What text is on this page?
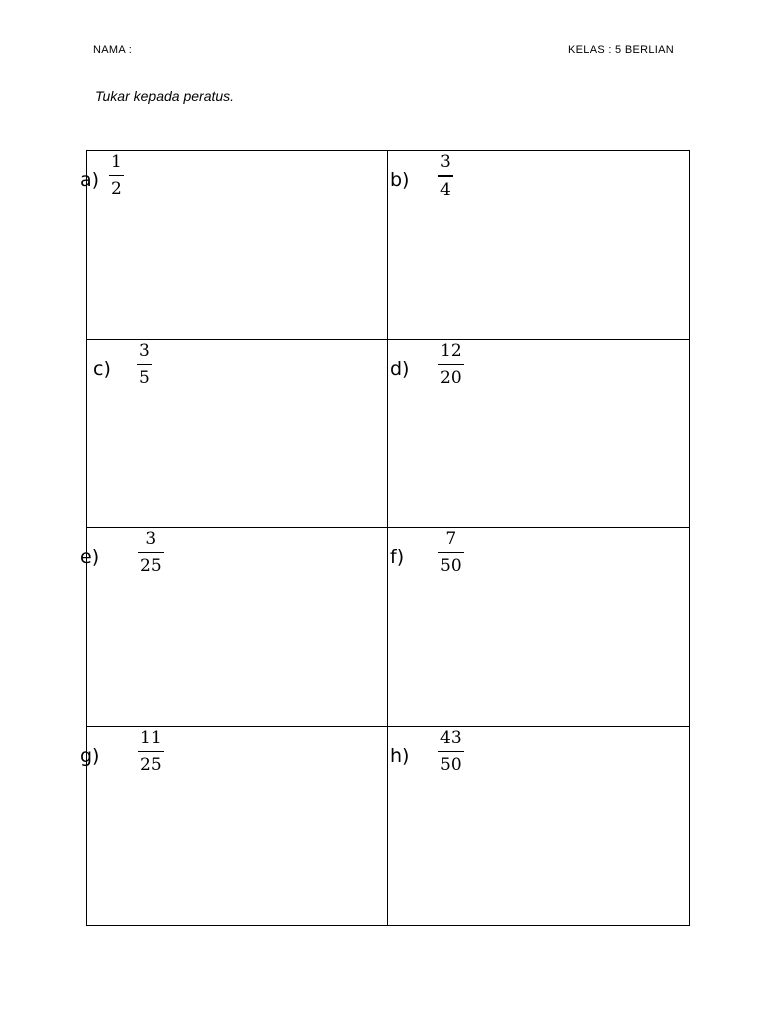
NAMA :	KELAS : 5 BERLIAN
Tukar kepada peratus.
a)
1
2	b)
3
4
c)
3
5	d)
12
20
e)
3
25	f)
7
50
g)
11
25	h)
43
50
